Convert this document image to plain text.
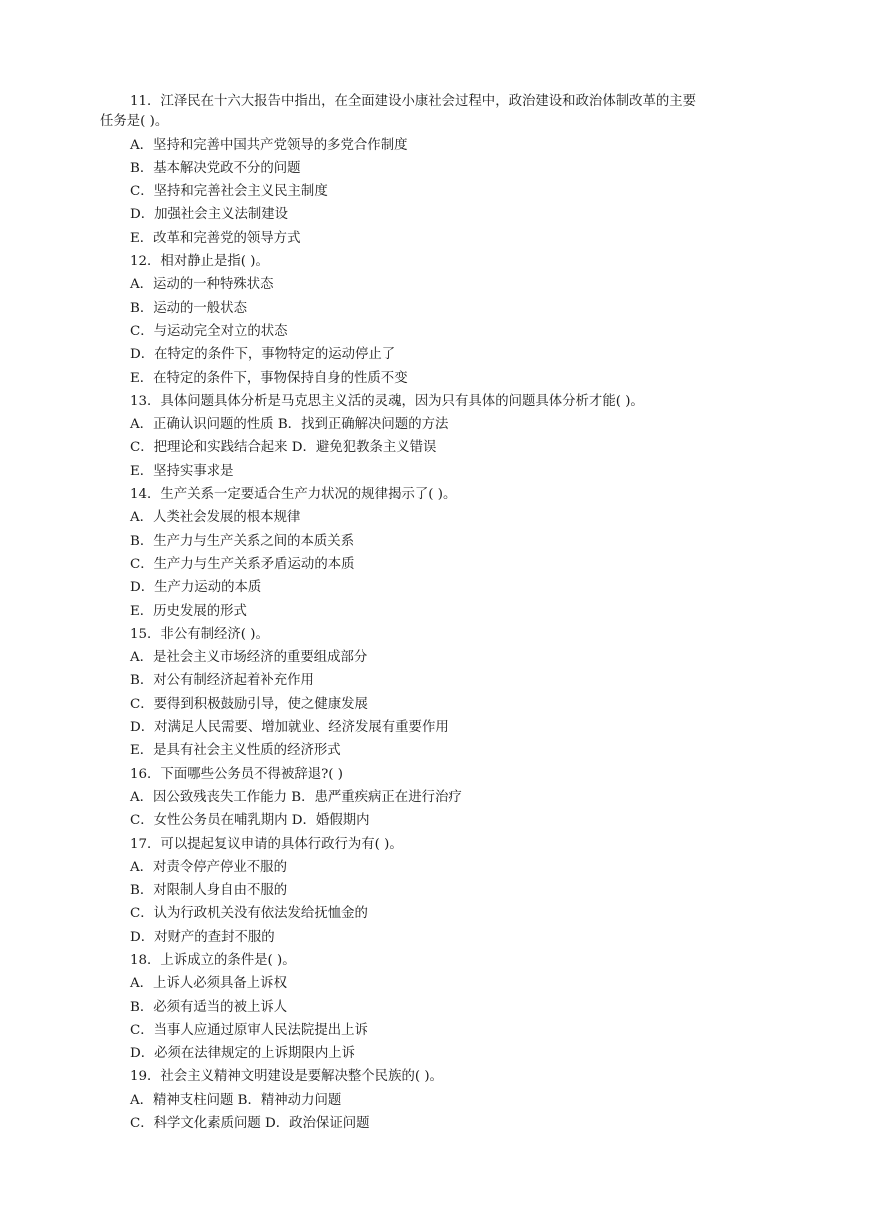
11．江泽民在十六大报告中指出，在全面建设小康社会过程中，政治建设和政治体制改革的主要
任务是( )。
A．坚持和完善中国共产党领导的多党合作制度
B．基本解决党政不分的问题
C．坚持和完善社会主义民主制度
D．加强社会主义法制建设
E．改革和完善党的领导方式
12．相对静止是指( )。
A．运动的一种特殊状态
B．运动的一般状态
C．与运动完全对立的状态
D．在特定的条件下，事物特定的运动停止了
E．在特定的条件下，事物保持自身的性质不变
13．具体问题具体分析是马克思主义活的灵魂，因为只有具体的问题具体分析才能( )。
A．正确认识问题的性质 B．找到正确解决问题的方法
C．把理论和实践结合起来 D．避免犯教条主义错误
E．坚持实事求是
14．生产关系一定要适合生产力状况的规律揭示了( )。
A．人类社会发展的根本规律
B．生产力与生产关系之间的本质关系
C．生产力与生产关系矛盾运动的本质
D．生产力运动的本质
E．历史发展的形式
15．非公有制经济( )。
A．是社会主义市场经济的重要组成部分
B．对公有制经济起着补充作用
C．要得到积极鼓励引导，使之健康发展
D．对满足人民需要、增加就业、经济发展有重要作用
E．是具有社会主义性质的经济形式
16．下面哪些公务员不得被辞退?( )
A．因公致残丧失工作能力 B．患严重疾病正在进行治疗
C．女性公务员在哺乳期内 D．婚假期内
17．可以提起复议申请的具体行政行为有( )。
A．对责令停产停业不服的
B．对限制人身自由不服的
C．认为行政机关没有依法发给抚恤金的
D．对财产的查封不服的
18．上诉成立的条件是( )。
A．上诉人必须具备上诉权
B．必须有适当的被上诉人
C．当事人应通过原审人民法院提出上诉
D．必须在法律规定的上诉期限内上诉
19．社会主义精神文明建设是要解决整个民族的( )。
A．精神支柱问题 B．精神动力问题
C．科学文化素质问题 D．政治保证问题
